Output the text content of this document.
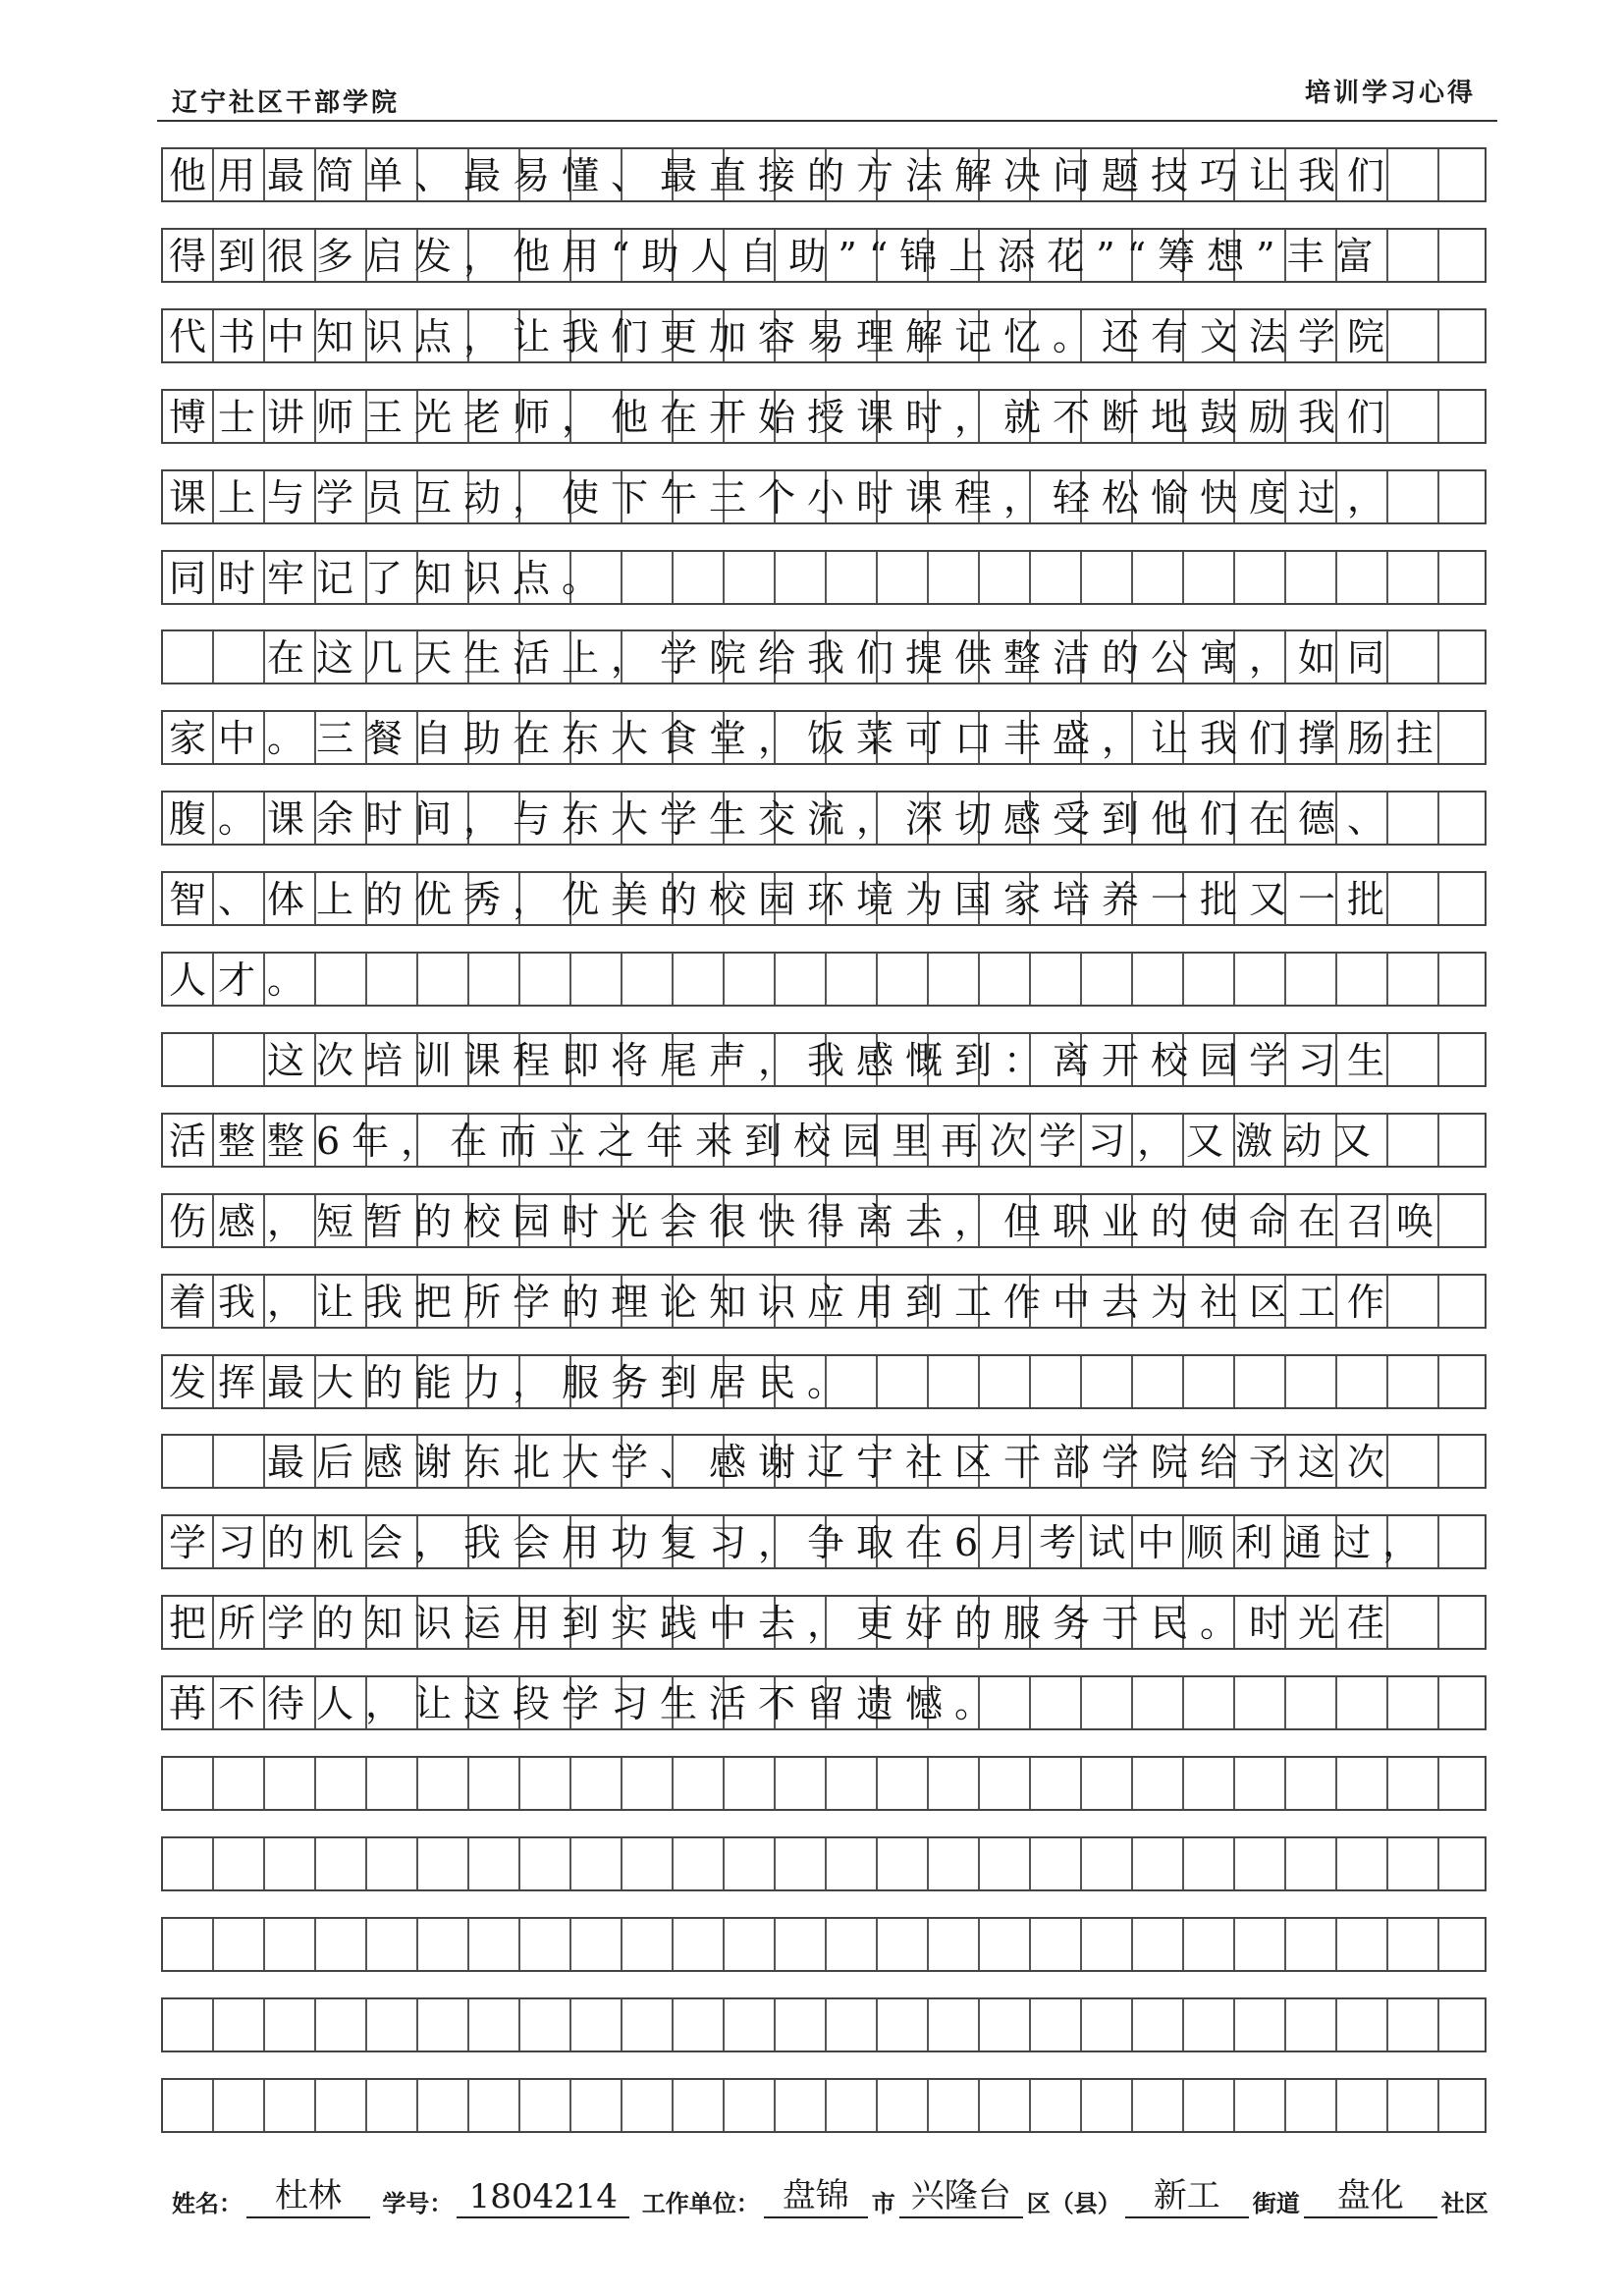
辽宁社区干部学院	培训学习心得
他用最简单、最易懂、最直接的方法解决问题技巧让我们
得到很多启发，他用“助人自助”“锦上添花”“筹想”丰富
代书中知识点，让我们更加容易理解记忆。还有文法学院
博士讲师王光老师，他在开始授课时，就不断地鼓励我们
课上与学员互动，使下午三个小时课程，轻松愉快度过，
同时牢记了知识点。
　　在这几天生活上，学院给我们提供整洁的公寓，如同
家中。三餐自助在东大食堂，饭菜可口丰盛，让我们撑肠拄
腹。课余时间，与东大学生交流，深切感受到他们在德、
智、体上的优秀，优美的校园环境为国家培养一批又一批
人才。
　　这次培训课程即将尾声，我感慨到：离开校园学习生
活整整6年，在而立之年来到校园里再次学习，又激动又
伤感，短暂的校园时光会很快得离去，但职业的使命在召唤
着我，让我把所学的理论知识应用到工作中去为社区工作
发挥最大的能力，服务到居民。
　　最后感谢东北大学、感谢辽宁社区干部学院给予这次
学习的机会，我会用功复习，争取在6月考试中顺利通过，
把所学的知识运用到实践中去，更好的服务于民。时光荏
苒不待人，让这段学习生活不留遗憾。
姓名： 杜林 学号： 1804214 工作单位： 盘锦 市 兴隆台 区（县） 新工 街道 盘化 社区
